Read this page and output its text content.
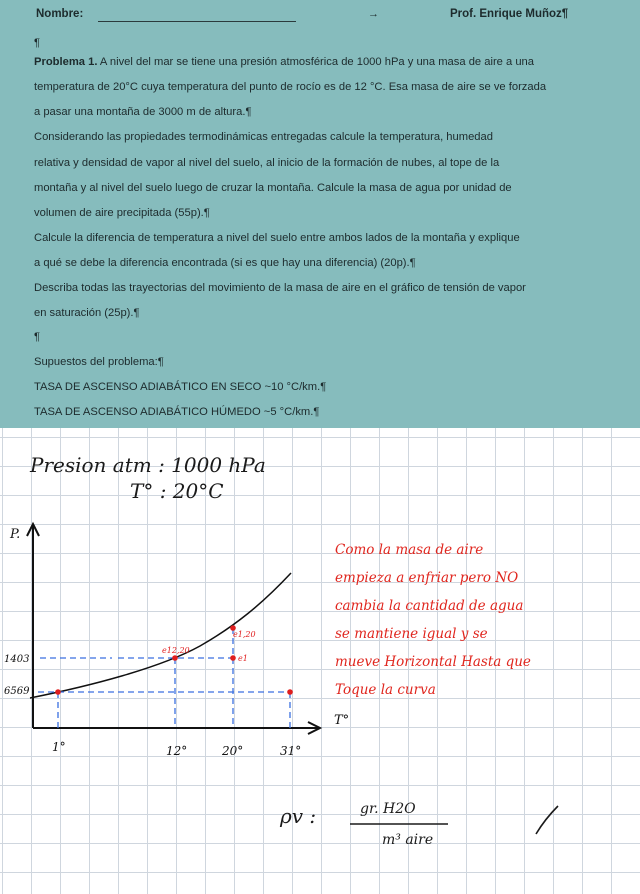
Nombre:	→	Prof. Enrique Muñoz¶
¶
Problema 1. A nivel del mar se tiene una presión atmosférica de 1000 hPa y una masa de aire a una
temperatura de 20°C cuya temperatura del punto de rocío es de 12 °C. Esa masa de aire se ve forzada
a pasar una montaña de 3000 m de altura.¶
Considerando las propiedades termodinámicas entregadas calcule la temperatura, humedad
relativa y densidad de vapor al nivel del suelo, al inicio de la formación de nubes, al tope de la
montaña y al nivel del suelo luego de cruzar la montaña. Calcule la masa de agua por unidad de
volumen de aire precipitada (55p).¶
Calcule la diferencia de temperatura a nivel del suelo entre ambos lados de la montaña y explique
a qué se debe la diferencia encontrada (si es que hay una diferencia) (20p).¶
Describa todas las trayectorias del movimiento de la masa de aire en el gráfico de tensión de vapor
en saturación (25p).¶
¶
Supuestos del problema:¶
TASA DE ASCENSO ADIABÁTICO EN SECO ~10 °C/km.¶
TASA DE ASCENSO ADIABÁTICO HÚMEDO ~5 °C/km.¶
Presion atm : 1000 hPa
T° : 20°C
P.
T°
e12,20
e1,20
e1
1403
6569
1°	12°	20°	31°
Como la masa de aire
empieza a enfriar pero NO
cambia la cantidad de agua
se mantiene igual y se
mueve Horizontal Hasta que
Toque la curva
ρv :	gr. H2O
m³ aire
